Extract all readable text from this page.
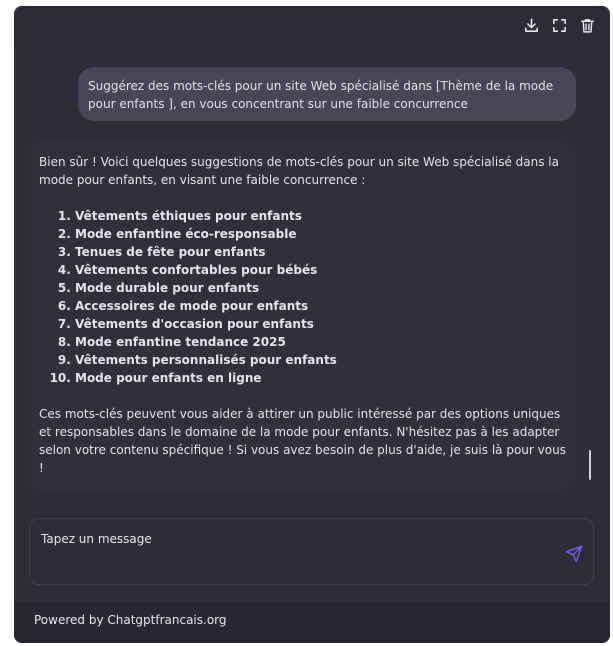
Suggérez des mots-clés pour un site Web spécialisé dans [Thème de la mode pour enfants ], en vous concentrant sur une faible concurrence

Bien sûr ! Voici quelques suggestions de mots-clés pour un site Web spécialisé dans la mode pour enfants, en visant une faible concurrence :

1. Vêtements éthiques pour enfants
2. Mode enfantine éco-responsable
3. Tenues de fête pour enfants
4. Vêtements confortables pour bébés
5. Mode durable pour enfants
6. Accessoires de mode pour enfants
7. Vêtements d'occasion pour enfants
8. Mode enfantine tendance 2025
9. Vêtements personnalisés pour enfants
10. Mode pour enfants en ligne

Ces mots-clés peuvent vous aider à attirer un public intéressé par des options uniques et responsables dans le domaine de la mode pour enfants. N'hésitez pas à les adapter selon votre contenu spécifique ! Si vous avez besoin de plus d'aide, je suis là pour vous !

Tapez un message
Powered by Chatgptfrancais.org
